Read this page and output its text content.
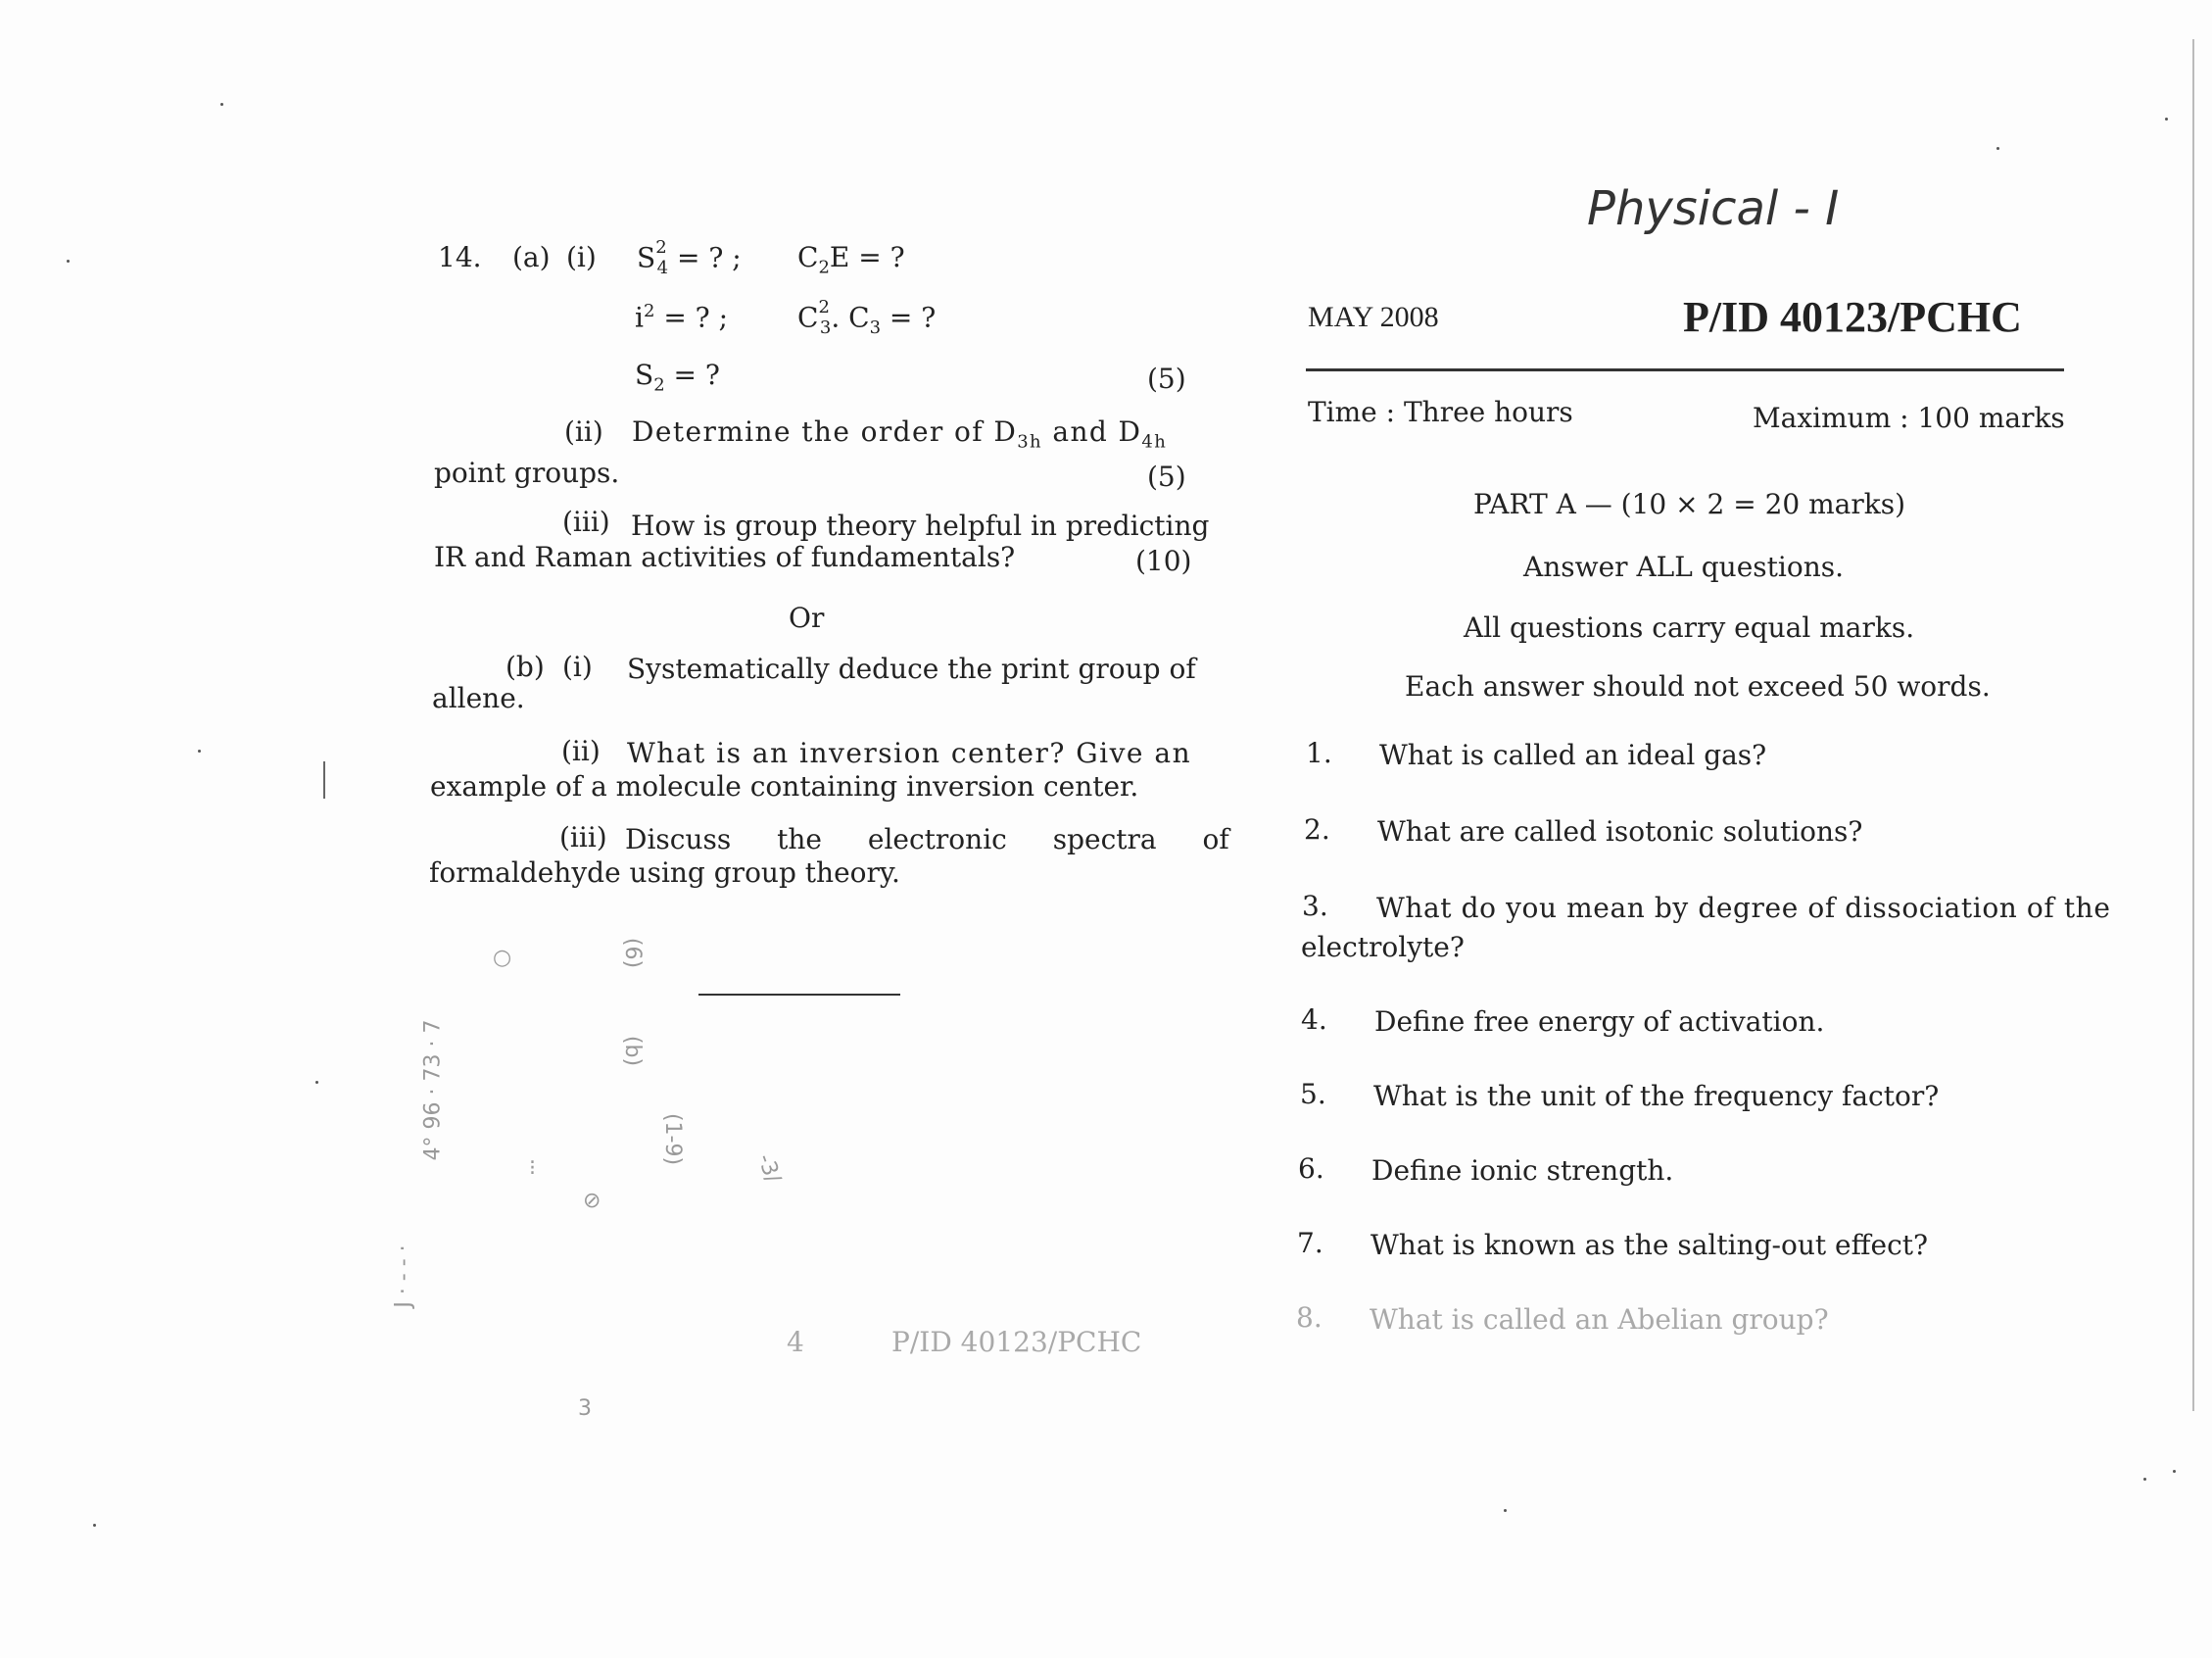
14. (a) (i) $S^2_4$ = ? ; $C_2E$ = ?
$i^2$ = ? ;	$C^2_3$. $C_3$ = ?
$S_2$ = ?	(5)
(ii) Determine the order of $D_{3h}$ and $D_{4h}$
point groups.	(5)
(iii) How is group theory helpful in predicting
IR and Raman activities of fundamentals?	(10)
Or
(b) (i) Systematically deduce the print group of
allene.
(ii) What is an inversion center? Give an
example of a molecule containing inversion center.
(iii) Discuss the electronic spectra of
formaldehyde using group theory.
○	(6)
(b)
(1-9)
⊘
⁝	-3/
4° 96 · 73 · 7
J · - - ·
3
4	P/ID 40123/PCHC
Physical - I
MAY 2008	P/ID 40123/PCHC
Time : Three hours	Maximum : 100 marks
PART A — (10 × 2 = 20 marks)
Answer ALL questions.
All questions carry equal marks.
Each answer should not exceed 50 words.
1. What is called an ideal gas?
2. What are called isotonic solutions?
3. What do you mean by degree of dissociation of the
electrolyte?
4. Define free energy of activation.
5. What is the unit of the frequency factor?
6. Define ionic strength.
7. What is known as the salting-out effect?
8. What is called an Abelian group?
